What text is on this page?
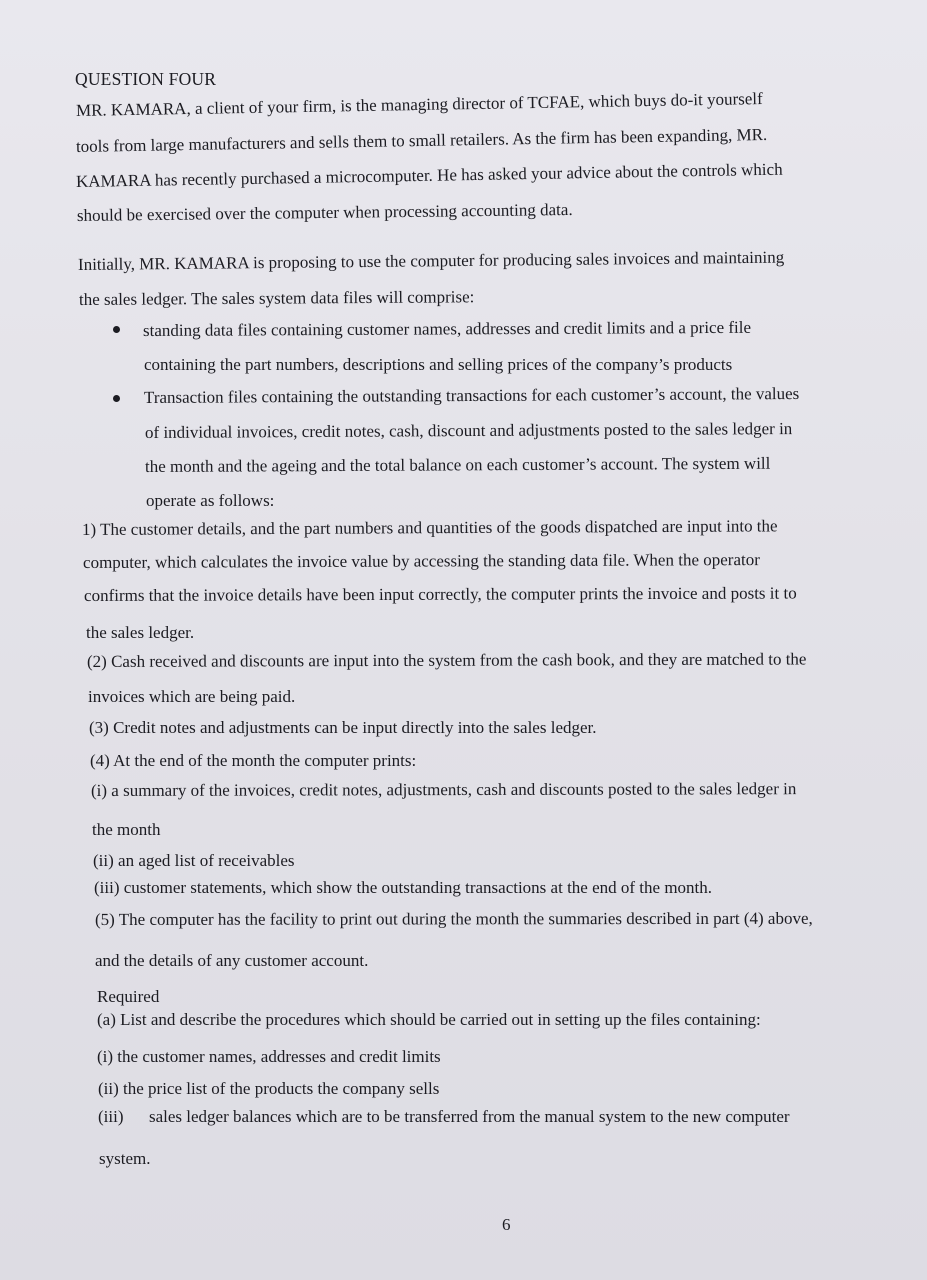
QUESTION FOUR
MR. KAMARA, a client of your firm, is the managing director of TCFAE, which buys do-it yourself
tools from large manufacturers and sells them to small retailers. As the firm has been expanding, MR.
KAMARA has recently purchased a microcomputer. He has asked your advice about the controls which
should be exercised over the computer when processing accounting data.
Initially, MR. KAMARA is proposing to use the computer for producing sales invoices and maintaining
the sales ledger. The sales system data files will comprise:
standing data files containing customer names, addresses and credit limits and a price file
containing the part numbers, descriptions and selling prices of the company’s products
Transaction files containing the outstanding transactions for each customer’s account, the values
of individual invoices, credit notes, cash, discount and adjustments posted to the sales ledger in
the month and the ageing and the total balance on each customer’s account. The system will
operate as follows:
1) The customer details, and the part numbers and quantities of the goods dispatched are input into the
computer, which calculates the invoice value by accessing the standing data file. When the operator
confirms that the invoice details have been input correctly, the computer prints the invoice and posts it to
the sales ledger.
(2) Cash received and discounts are input into the system from the cash book, and they are matched to the
invoices which are being paid.
(3) Credit notes and adjustments can be input directly into the sales ledger.
(4) At the end of the month the computer prints:
(i) a summary of the invoices, credit notes, adjustments, cash and discounts posted to the sales ledger in
the month
(ii) an aged list of receivables
(iii) customer statements, which show the outstanding transactions at the end of the month.
(5) The computer has the facility to print out during the month the summaries described in part (4) above,
and the details of any customer account.
Required
(a) List and describe the procedures which should be carried out in setting up the files containing:
(i) the customer names, addresses and credit limits
(ii) the price list of the products the company sells
(iii)      sales ledger balances which are to be transferred from the manual system to the new computer
system.
6
